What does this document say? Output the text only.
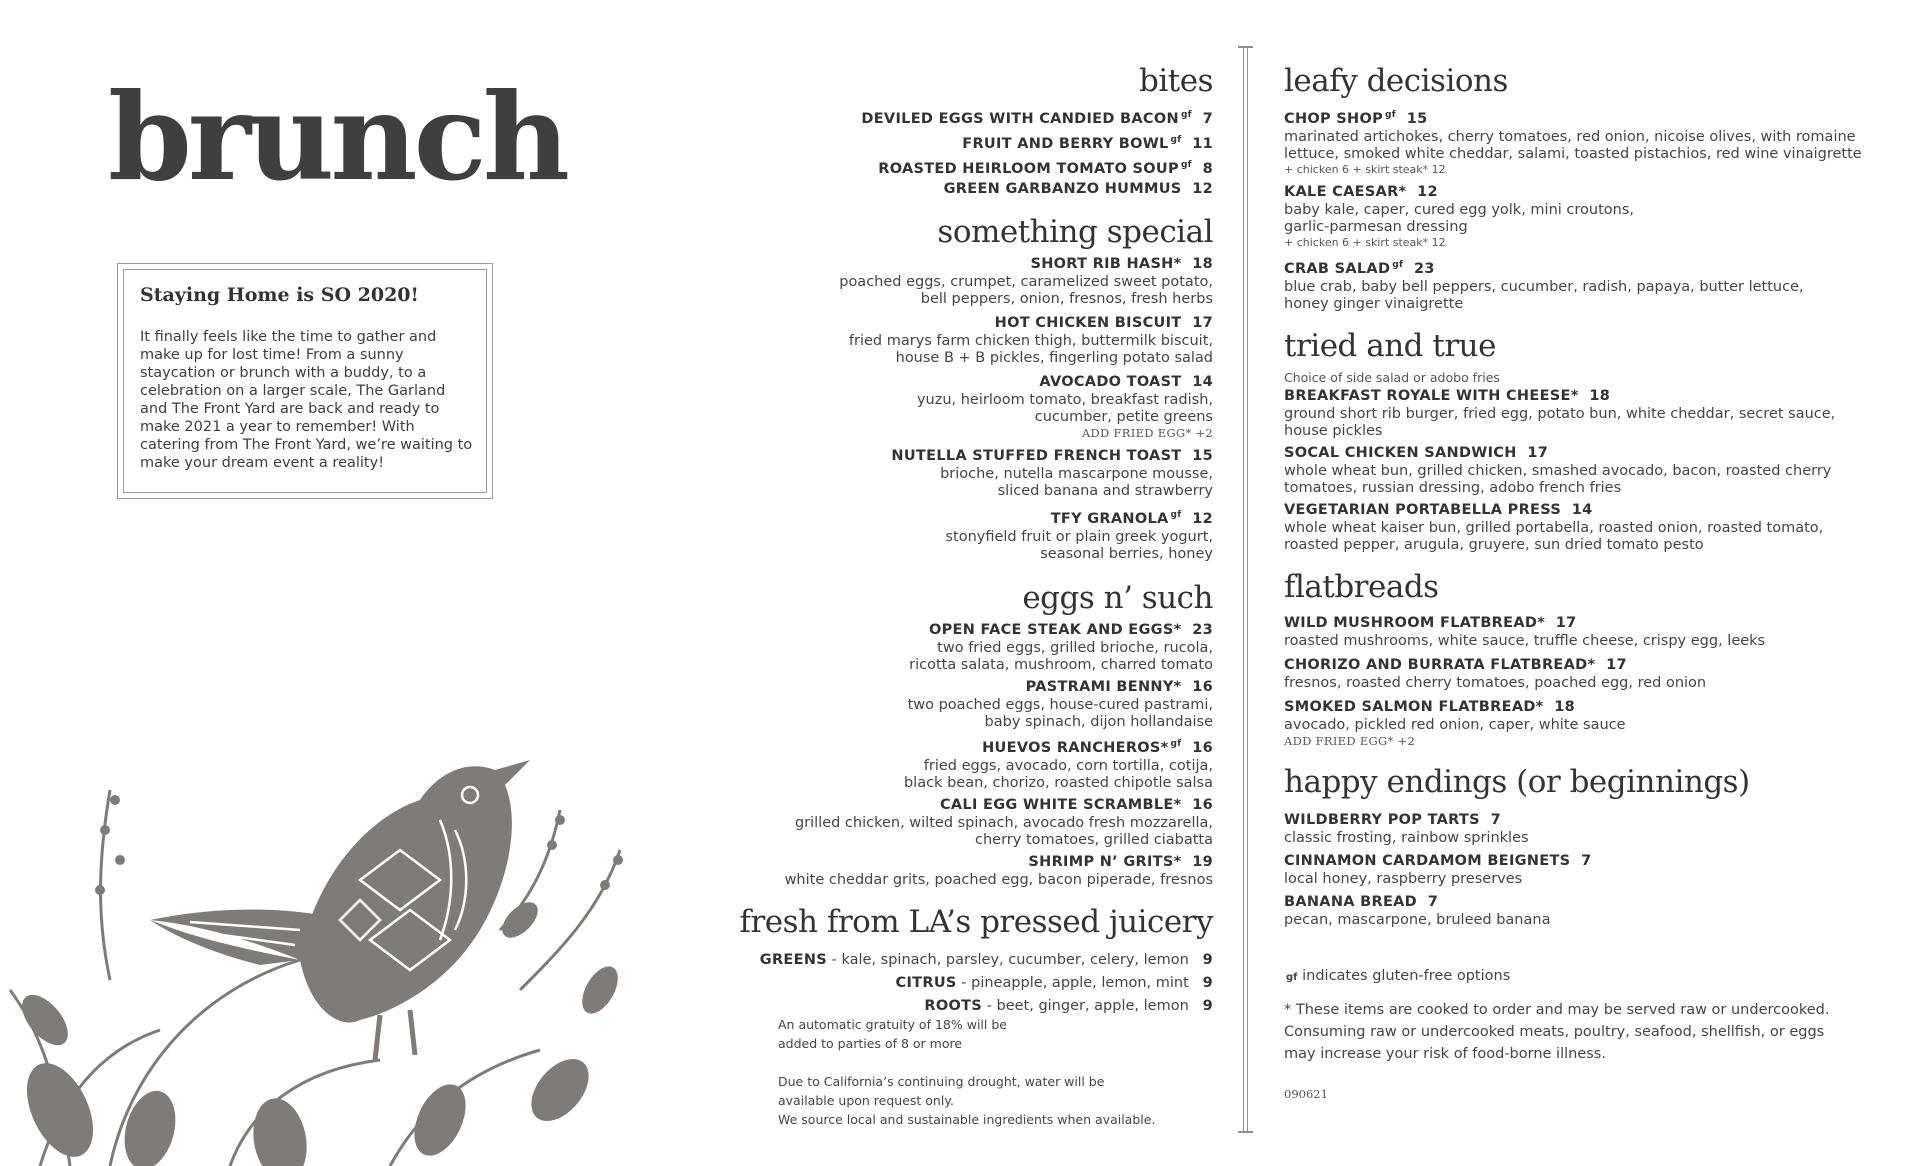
brunch
Staying Home is SO 2020!
It finally feels like the time to gather and make up for lost time! From a sunny staycation or brunch with a buddy, to a celebration on a larger scale, The Garland and The Front Yard are back and ready to make 2021 a year to remember! With catering from The Front Yard, we’re waiting to make your dream event a reality!
bites
DEVILED EGGS WITH CANDIED BACON $^{gf}$ 7
FRUIT AND BERRY BOWL $^{gf}$ 11
ROASTED HEIRLOOM TOMATO SOUP $^{gf}$ 8
GREEN GARBANZO HUMMUS 12
something special
SHORT RIB HASH* 18
poached eggs, crumpet, caramelized sweet potato,
bell peppers, onion, fresnos, fresh herbs
HOT CHICKEN BISCUIT 17
fried marys farm chicken thigh, buttermilk biscuit,
house B + B pickles, fingerling potato salad
AVOCADO TOAST 14
yuzu, heirloom tomato, breakfast radish,
cucumber, petite greens
ADD FRIED EGG* +2
NUTELLA STUFFED FRENCH TOAST 15
brioche, nutella mascarpone mousse,
sliced banana and strawberry
TFY GRANOLA $^{gf}$ 12
stonyfield fruit or plain greek yogurt,
seasonal berries, honey
eggs n’ such
OPEN FACE STEAK AND EGGS* 23
two fried eggs, grilled brioche, rucola,
ricotta salata, mushroom, charred tomato
PASTRAMI BENNY* 16
two poached eggs, house-cured pastrami,
baby spinach, dijon hollandaise
HUEVOS RANCHEROS* $^{gf}$ 16
fried eggs, avocado, corn tortilla, cotija,
black bean, chorizo, roasted chipotle salsa
CALI EGG WHITE SCRAMBLE* 16
grilled chicken, wilted spinach, avocado fresh mozzarella,
cherry tomatoes, grilled ciabatta
SHRIMP N’ GRITS* 19
white cheddar grits, poached egg, bacon piperade, fresnos
fresh from LA’s pressed juicery
GREENS - kale, spinach, parsley, cucumber, celery, lemon 9
CITRUS - pineapple, apple, lemon, mint 9
ROOTS - beet, ginger, apple, lemon 9
An automatic gratuity of 18% will be
added to parties of 8 or more
Due to California’s continuing drought, water will be
available upon request only.
We source local and sustainable ingredients when available.
leafy decisions
CHOP SHOP $^{gf}$ 15
marinated artichokes, cherry tomatoes, red onion, nicoise olives, with romaine lettuce, smoked white cheddar, salami, toasted pistachios, red wine vinaigrette
+ chicken 6 + skirt steak* 12
KALE CAESAR* 12
baby kale, caper, cured egg yolk, mini croutons, garlic-parmesan dressing
+ chicken 6 + skirt steak* 12
CRAB SALAD $^{gf}$ 23
blue crab, baby bell peppers, cucumber, radish, papaya, butter lettuce, honey ginger vinaigrette
tried and true
Choice of side salad or adobo fries
BREAKFAST ROYALE WITH CHEESE* 18
ground short rib burger, fried egg, potato bun, white cheddar, secret sauce, house pickles
SOCAL CHICKEN SANDWICH 17
whole wheat bun, grilled chicken, smashed avocado, bacon, roasted cherry tomatoes, russian dressing, adobo french fries
VEGETARIAN PORTABELLA PRESS 14
whole wheat kaiser bun, grilled portabella, roasted onion, roasted tomato, roasted pepper, arugula, gruyere, sun dried tomato pesto
flatbreads
WILD MUSHROOM FLATBREAD* 17
roasted mushrooms, white sauce, truffle cheese, crispy egg, leeks
CHORIZO AND BURRATA FLATBREAD* 17
fresnos, roasted cherry tomatoes, poached egg, red onion
SMOKED SALMON FLATBREAD* 18
avocado, pickled red onion, caper, white sauce
ADD FRIED EGG* +2
happy endings (or beginnings)
WILDBERRY POP TARTS 7
classic frosting, rainbow sprinkles
CINNAMON CARDAMOM BEIGNETS 7
local honey, raspberry preserves
BANANA BREAD 7
pecan, mascarpone, bruleed banana
gf indicates gluten-free options
* These items are cooked to order and may be served raw or undercooked.
Consuming raw or undercooked meats, poultry, seafood, shellfish, or eggs
may increase your risk of food-borne illness.
090621
